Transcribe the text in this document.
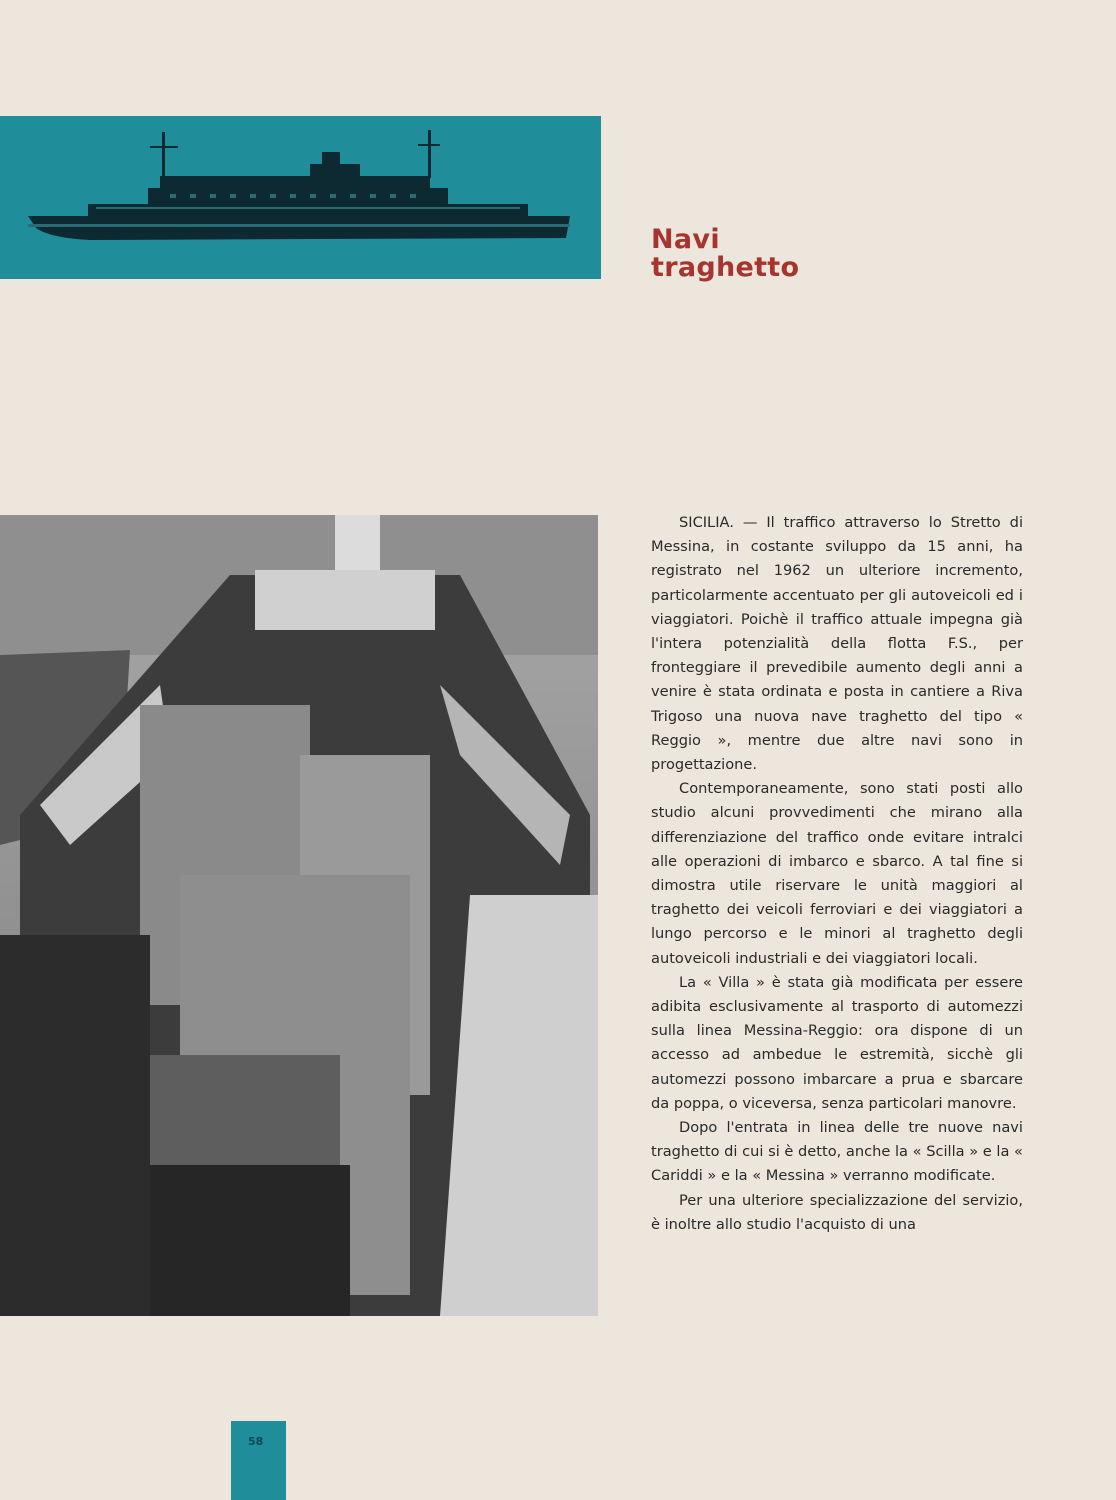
Navi
traghetto

SICILIA. — Il traffico attraverso lo Stretto di Messina, in costante sviluppo da 15 anni, ha registrato nel 1962 un ulteriore incremento, particolarmente accentuato per gli autoveicoli ed i viaggiatori. Poichè il traffico attuale impegna già l'intera potenzialità della flotta F.S., per fronteggiare il prevedibile aumento degli anni a venire è stata ordinata e posta in cantiere a Riva Trigoso una nuova nave traghetto del tipo « Reggio », mentre due altre navi sono in progettazione.

Contemporaneamente, sono stati posti allo studio alcuni provvedimenti che mirano alla differenziazione del traffico onde evitare intralci alle operazioni di imbarco e sbarco. A tal fine si dimostra utile riservare le unità maggiori al traghetto dei veicoli ferroviari e dei viaggiatori a lungo percorso e le minori al traghetto degli autoveicoli industriali e dei viaggiatori locali.

La « Villa » è stata già modificata per essere adibita esclusivamente al trasporto di automezzi sulla linea Messina-Reggio: ora dispone di un accesso ad ambedue le estremità, sicchè gli automezzi possono imbarcare a prua e sbarcare da poppa, o viceversa, senza particolari manovre.

Dopo l'entrata in linea delle tre nuove navi traghetto di cui si è detto, anche la « Scilla » e la « Cariddi » e la « Messina » verranno modificate.

Per una ulteriore specializzazione del servizio, è inoltre allo studio l'acquisto di una

58
